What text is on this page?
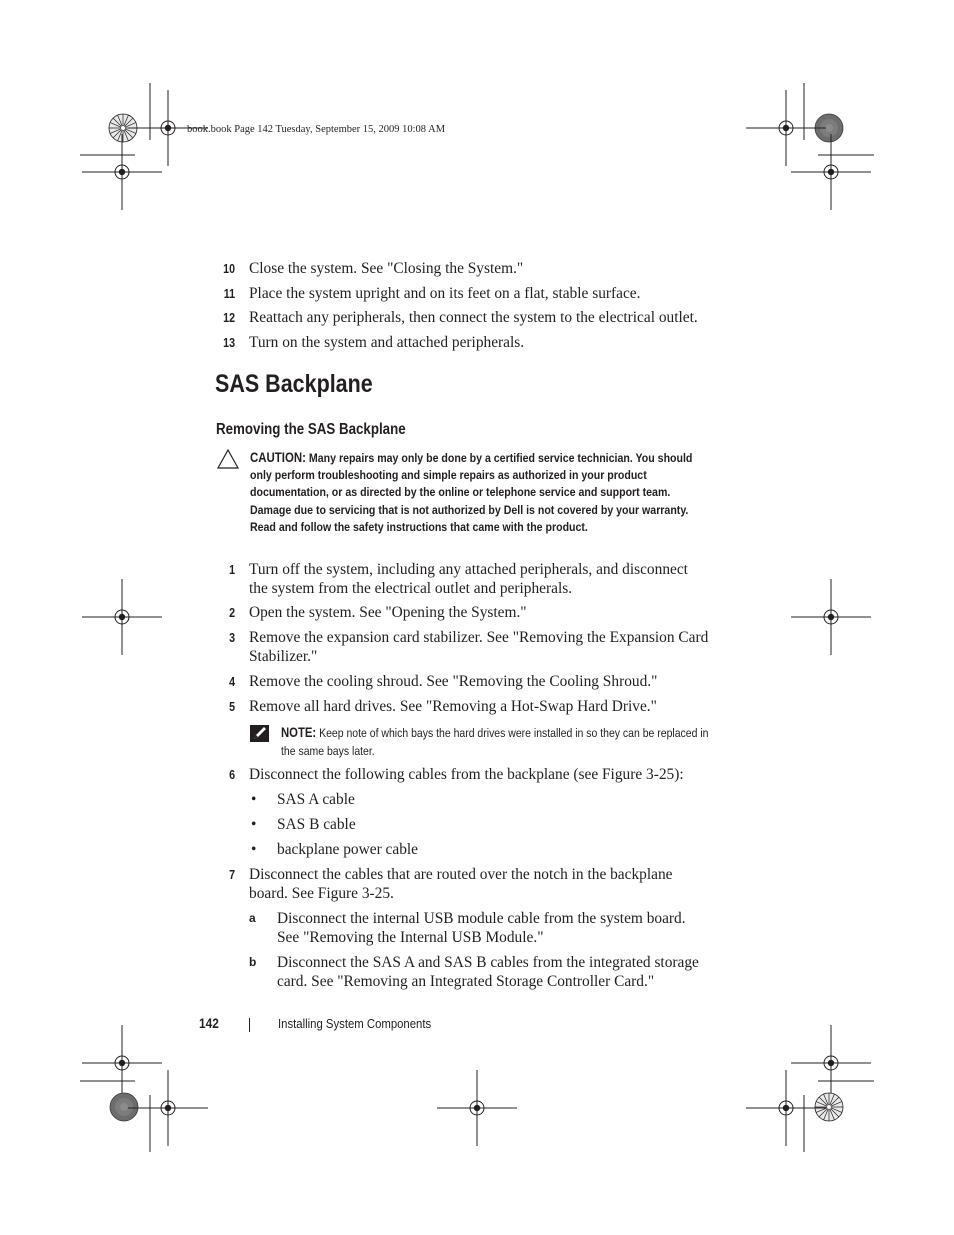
book.book Page 142 Tuesday, September 15, 2009 10:08 AM
10 Close the system. See "Closing the System."
11 Place the system upright and on its feet on a flat, stable surface.
12 Reattach any peripherals, then connect the system to the electrical outlet.
13 Turn on the system and attached peripherals.
SAS Backplane
Removing the SAS Backplane
CAUTION: Many repairs may only be done by a certified service technician. You should only perform troubleshooting and simple repairs as authorized in your product documentation, or as directed by the online or telephone service and support team. Damage due to servicing that is not authorized by Dell is not covered by your warranty. Read and follow the safety instructions that came with the product.
1 Turn off the system, including any attached peripherals, and disconnect the system from the electrical outlet and peripherals.
2 Open the system. See "Opening the System."
3 Remove the expansion card stabilizer. See "Removing the Expansion Card Stabilizer."
4 Remove the cooling shroud. See "Removing the Cooling Shroud."
5 Remove all hard drives. See "Removing a Hot-Swap Hard Drive."
NOTE: Keep note of which bays the hard drives were installed in so they can be replaced in the same bays later.
6 Disconnect the following cables from the backplane (see Figure 3-25):
• SAS A cable
• SAS B cable
• backplane power cable
7 Disconnect the cables that are routed over the notch in the backplane board. See Figure 3-25.
a Disconnect the internal USB module cable from the system board. See "Removing the Internal USB Module."
b Disconnect the SAS A and SAS B cables from the integrated storage card. See "Removing an Integrated Storage Controller Card."
142	Installing System Components
